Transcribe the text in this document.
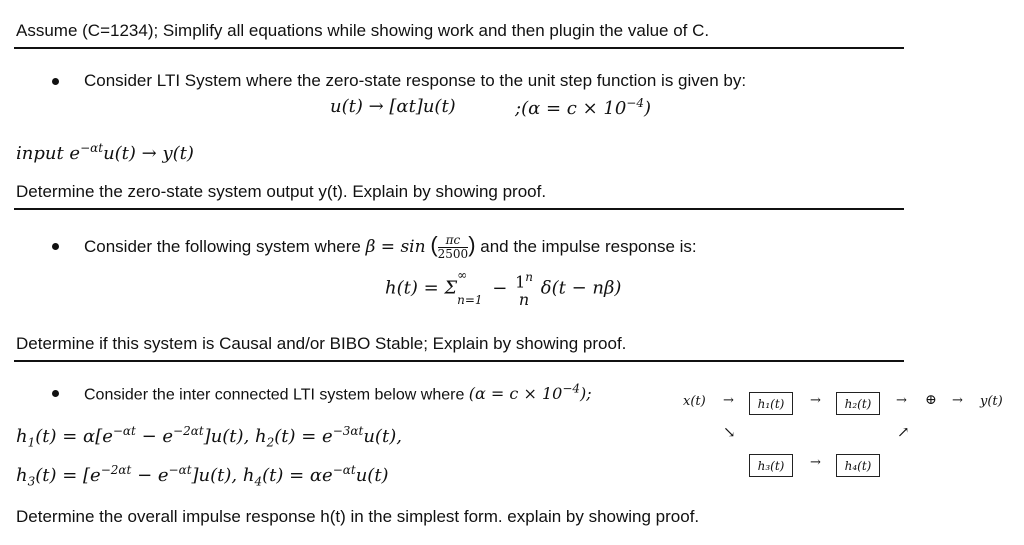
Assume (C=1234); Simplify all equations while showing work and then plugin the value of C.
Consider LTI System where the zero-state response to the unit step function is given by:
u(t) → [αt]u(t)	;(α = $c \times 10^{-4}$)
input $e^{-\alpha t}u(t) \to y(t)$
Determine the zero-state system output y(t). Explain by showing proof.
Consider the following system where β = sin ( $\frac{\pi c}{2500}$ ) and the impulse response is:
h(t) = Σ
∞
$_{n=1} - 1^n$
n
δ(t − nβ)
Determine if this system is Causal and/or BIBO Stable; Explain by showing proof.
Consider the inter connected LTI system below where $(\alpha = c \times 10^{-4})$;
$h_1(t) = \alpha[e^{-\alpha t} - e^{-2\alpha t}]u(t)$, $h_2(t) = e^{-3\alpha t}u(t)$,
$h_3(t) = [e^{-2\alpha t} - e^{-\alpha t}]u(t)$, $h_4(t) = \alpha e^{-\alpha t}u(t)$
Determine the overall impulse response h(t) in the simplest form. explain by showing proof.
x(t) →	h₁(t)	→	h₂(t)	→ ⊕ → y(t)
↘	↗
h₃(t)	→	h₄(t)
